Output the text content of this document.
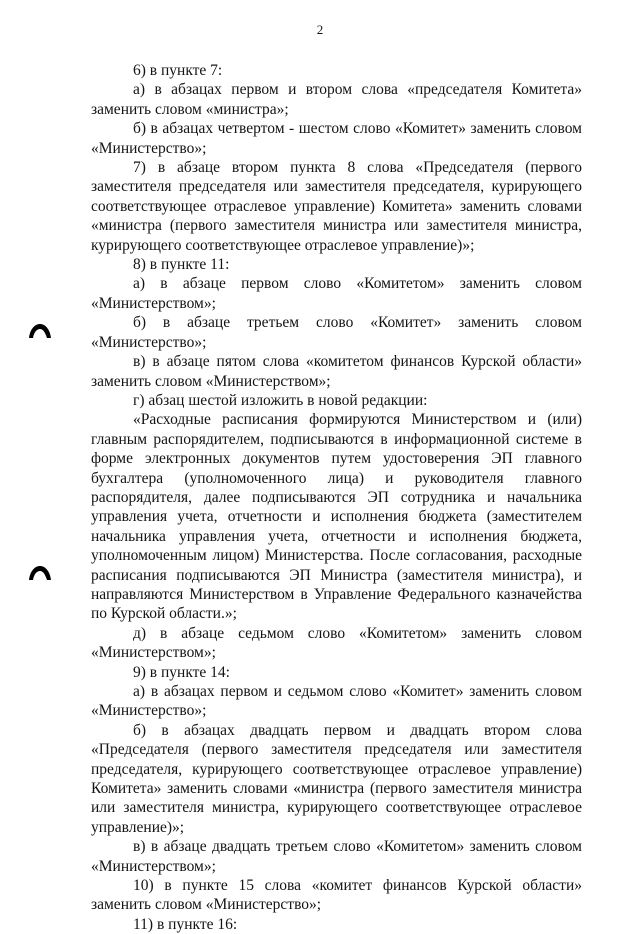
2

6) в пункте 7:

а) в абзацах первом и втором слова «председателя Комитета» заменить словом «министра»;

б) в абзацах четвертом - шестом слово «Комитет» заменить словом «Министерство»;

7) в абзаце втором пункта 8 слова «Председателя (первого заместителя председателя или заместителя председателя, курирующего соответствующее отраслевое управление) Комитета» заменить словами «министра (первого заместителя министра или заместителя министра, курирующего соответствующее отраслевое управление)»;

8) в пункте 11:

а) в абзаце первом слово «Комитетом» заменить словом «Министерством»;

б) в абзаце третьем слово «Комитет» заменить словом «Министерство»;

в) в абзаце пятом слова «комитетом финансов Курской области» заменить словом «Министерством»;

г) абзац шестой изложить в новой редакции:

«Расходные расписания формируются Министерством и (или) главным распорядителем, подписываются в информационной системе в форме электронных документов путем удостоверения ЭП главного бухгалтера (уполномоченного лица) и руководителя главного распорядителя, далее подписываются ЭП сотрудника и начальника управления учета, отчетности и исполнения бюджета (заместителем начальника управления учета, отчетности и исполнения бюджета, уполномоченным лицом) Министерства. После согласования, расходные расписания подписываются ЭП Министра (заместителя министра), и направляются Министерством в Управление Федерального казначейства по Курской области.»;

д) в абзаце седьмом слово «Комитетом» заменить словом «Министерством»;

9) в пункте 14:

а) в абзацах первом и седьмом слово «Комитет» заменить словом «Министерство»;

б) в абзацах двадцать первом и двадцать втором слова «Председателя (первого заместителя председателя или заместителя председателя, курирующего соответствующее отраслевое управление) Комитета» заменить словами «министра (первого заместителя министра или заместителя министра, курирующего соответствующее отраслевое управление)»;

в) в абзаце двадцать третьем слово «Комитетом» заменить словом «Министерством»;

10) в пункте 15 слова «комитет финансов Курской области» заменить словом «Министерство»;

11) в пункте 16:
